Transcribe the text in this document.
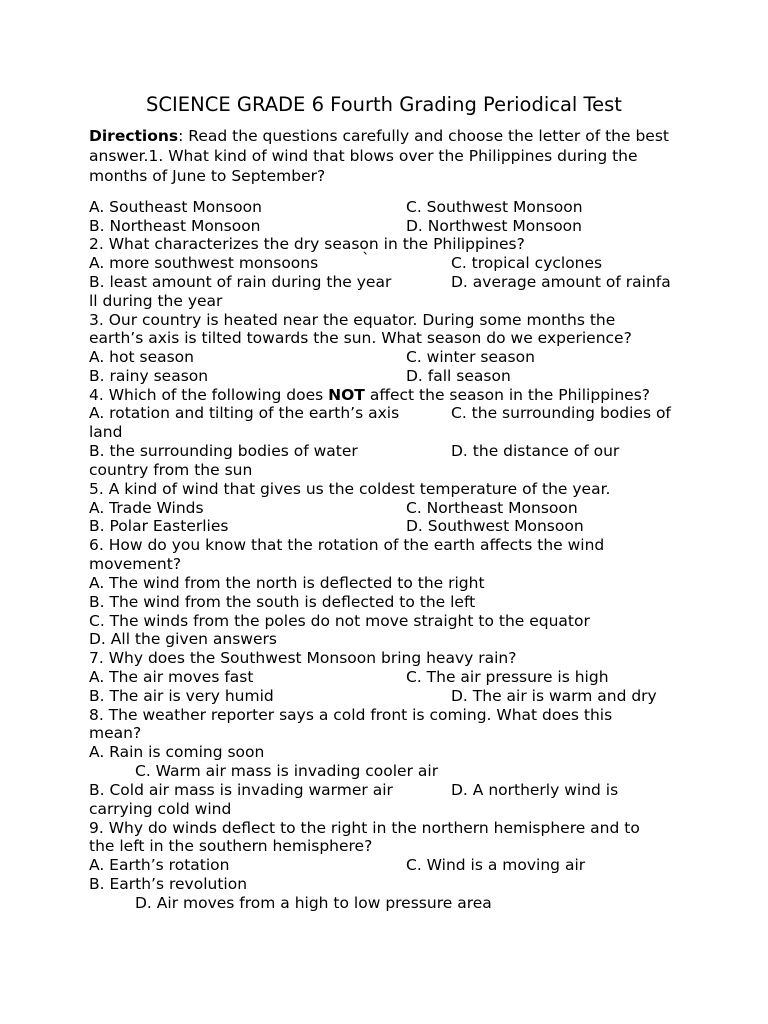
SCIENCE GRADE 6 Fourth Grading Periodical Test
Directions: Read the questions carefully and choose the letter of the best answer.1. What kind of wind that blows over the Philippines during the months of June to September?
A. Southeast Monsoon	C. Southwest Monsoon
B. Northeast Monsoon	D. Northwest Monsoon
2. What characterizes the dry season in the Philippines?
A. more southwest monsoons	`	C. tropical cyclones
B. least amount of rain during the year	D. average amount of rainfa
ll during the year
3. Our country is heated near the equator. During some months the
earth’s axis is tilted towards the sun. What season do we experience?
A. hot season	C. winter season
B. rainy season	D. fall season
4. Which of the following does NOT affect the season in the Philippines?
A. rotation and tilting of the earth’s axis	C. the surrounding bodies of
land
B. the surrounding bodies of water	D. the distance of our
country from the sun
5. A kind of wind that gives us the coldest temperature of the year.
A. Trade Winds	C. Northeast Monsoon
B. Polar Easterlies	D. Southwest Monsoon
6. How do you know that the rotation of the earth affects the wind
movement?
A. The wind from the north is deflected to the right
B. The wind from the south is deflected to the left
C. The winds from the poles do not move straight to the equator
D. All the given answers
7. Why does the Southwest Monsoon bring heavy rain?
A. The air moves fast	C. The air pressure is high
B. The air is very humid	D. The air is warm and dry
8. The weather reporter says a cold front is coming. What does this
mean?
A. Rain is coming soon
C. Warm air mass is invading cooler air
B. Cold air mass is invading warmer air	D. A northerly wind is
carrying cold wind
9. Why do winds deflect to the right in the northern hemisphere and to
the left in the southern hemisphere?
A. Earth’s rotation	C. Wind is a moving air
B. Earth’s revolution
D. Air moves from a high to low pressure area
